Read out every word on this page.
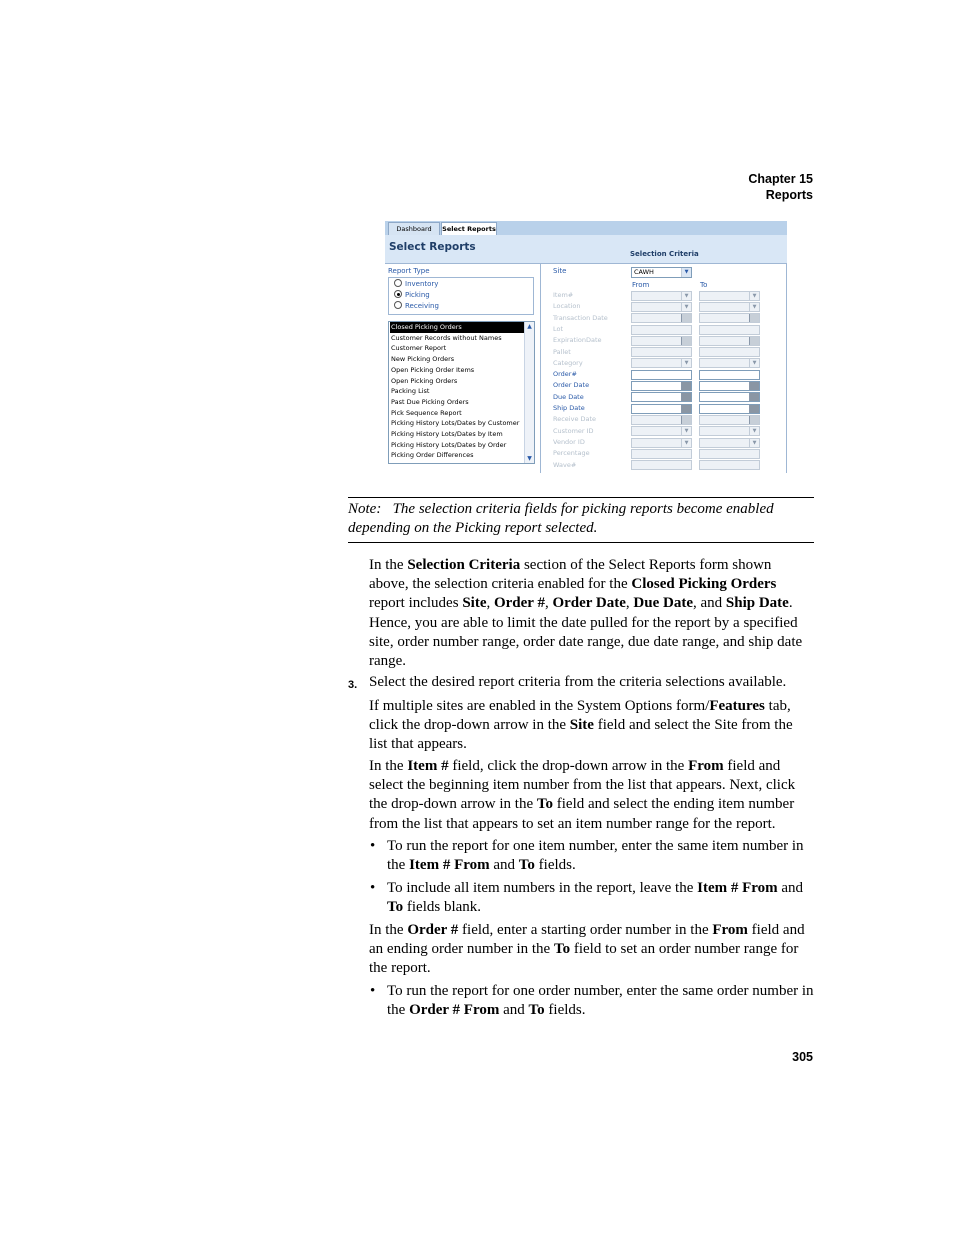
Chapter 15
Reports
Dashboard	Select Reports
Select Reports
Selection Criteria
Report Type
Inventory
Picking
Receiving
Closed Picking Orders
Customer Records without Names
Customer Report
New Picking Orders
Open Picking Order Items
Open Picking Orders
Packing List
Past Due Picking Orders
Pick Sequence Report
Picking History Lots/Dates by Customer
Picking History Lots/Dates by Item
Picking History Lots/Dates by Order
Picking Order Differences
▲
▼
Site	CAWH	▼
From	To
Item#	▼	▼
Location	▼	▼
Transaction Date
Lot
ExpirationDate
Pallet
Category	▼	▼
Order#
Order Date
Due Date
Ship Date
Receive Date
Customer ID	▼	▼
Vendor ID	▼	▼
Percentage
Wave#
Note: The selection criteria fields for picking reports become enabled depending on the Picking report selected.
In the Selection Criteria section of the Select Reports form shown above, the selection criteria enabled for the Closed Picking Orders report includes Site, Order #, Order Date, Due Date, and Ship Date. Hence, you are able to limit the date pulled for the report by a specified site, order number range, order date range, due date range, and ship date range.
3. Select the desired report criteria from the criteria selections available.
If multiple sites are enabled in the System Options form/Features tab, click the drop-down arrow in the Site field and select the Site from the list that appears.
In the Item # field, click the drop-down arrow in the From field and select the beginning item number from the list that appears. Next, click the drop-down arrow in the To field and select the ending item number from the list that appears to set an item number range for the report.
• To run the report for one item number, enter the same item number in the Item # From and To fields.
• To include all item numbers in the report, leave the Item # From and To fields blank.
In the Order # field, enter a starting order number in the From field and an ending order number in the To field to set an order number range for the report.
• To run the report for one order number, enter the same order number in the Order # From and To fields.
305
